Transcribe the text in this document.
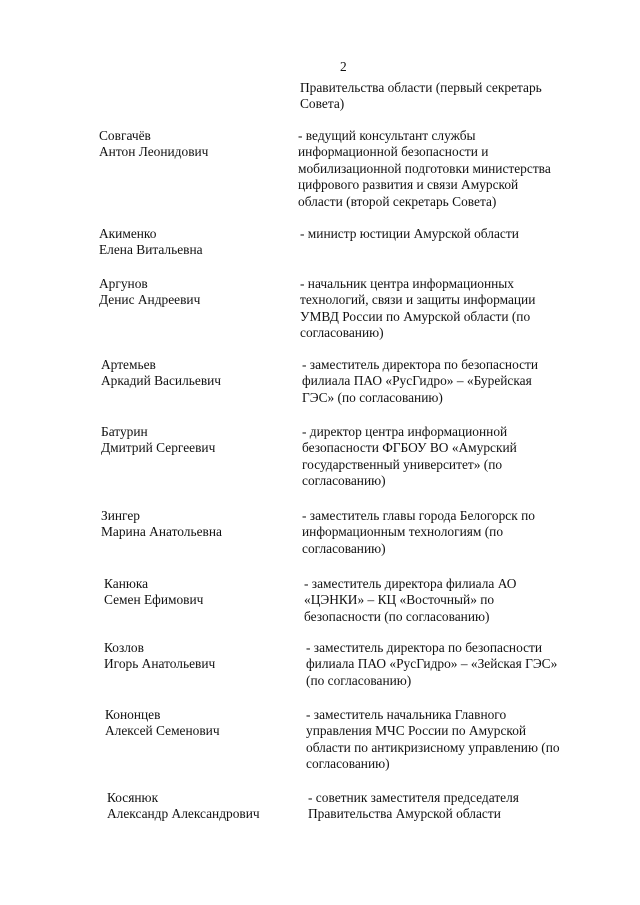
2
Правительства области (первый секретарь
Совета)
Совгачёв
Антон Леонидович
- ведущий консультант службы
информационной безопасности и
мобилизационной подготовки министерства
цифрового развития и связи Амурской
области (второй секретарь Совета)
Акименко
Елена Витальевна
- министр юстиции Амурской области
Аргунов
Денис Андреевич
- начальник центра информационных
технологий, связи и защиты информации
УМВД России по Амурской области (по
согласованию)
Артемьев
Аркадий Васильевич
- заместитель директора по безопасности
филиала ПАО «РусГидро» – «Бурейская
ГЭС» (по согласованию)
Батурин
Дмитрий Сергеевич
- директор центра информационной
безопасности ФГБОУ ВО «Амурский
государственный университет» (по
согласованию)
Зингер
Марина Анатольевна
- заместитель главы города Белогорск по
информационным технологиям (по
согласованию)
Канюка
Семен Ефимович
- заместитель директора филиала АО
«ЦЭНКИ» – КЦ «Восточный» по
безопасности (по согласованию)
Козлов
Игорь Анатольевич
- заместитель директора по безопасности
филиала ПАО «РусГидро» – «Зейская ГЭС»
(по согласованию)
Кононцев
Алексей Семенович
- заместитель начальника Главного
управления МЧС России по Амурской
области по антикризисному управлению (по
согласованию)
Косянюк
Александр Александрович
- советник заместителя председателя
Правительства Амурской области
